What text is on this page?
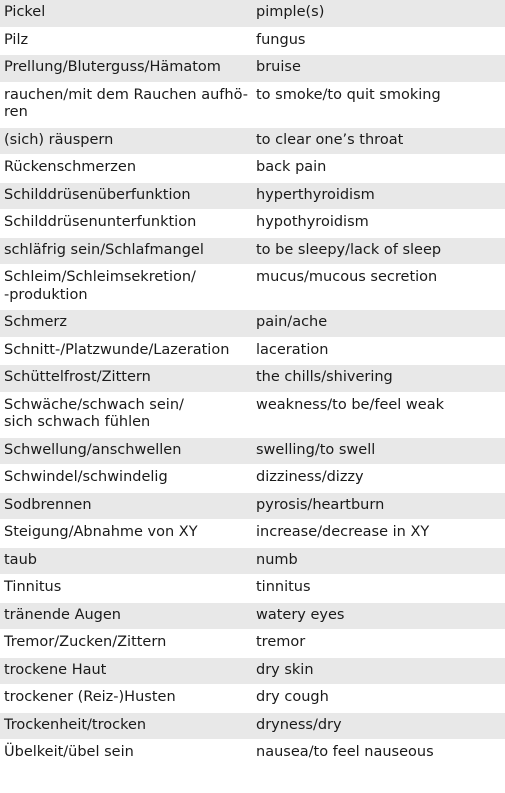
Pickel	pimple(s)
Pilz	fungus
Prellung/Bluterguss/Hämatom	bruise
rauchen/mit dem Rauchen aufhö-
ren	to smoke/to quit smoking
(sich) räuspern	to clear one’s throat
Rückenschmerzen	back pain
Schilddrüsenüberfunktion	hyperthyroidism
Schilddrüsenunterfunktion	hypothyroidism
schläfrig sein/Schlafmangel	to be sleepy/lack of sleep
Schleim/Schleimsekretion/
-produktion	mucus/mucous secretion
Schmerz	pain/ache
Schnitt-/Platzwunde/Lazeration	laceration
Schüttelfrost/Zittern	the chills/shivering
Schwäche/schwach sein/
sich schwach fühlen	weakness/to be/feel weak
Schwellung/anschwellen	swelling/to swell
Schwindel/schwindelig	dizziness/dizzy
Sodbrennen	pyrosis/heartburn
Steigung/Abnahme von XY	increase/decrease in XY
taub	numb
Tinnitus	tinnitus
tränende Augen	watery eyes
Tremor/Zucken/Zittern	tremor
trockene Haut	dry skin
trockener (Reiz-)Husten	dry cough
Trockenheit/trocken	dryness/dry
Übelkeit/übel sein	nausea/to feel nauseous
